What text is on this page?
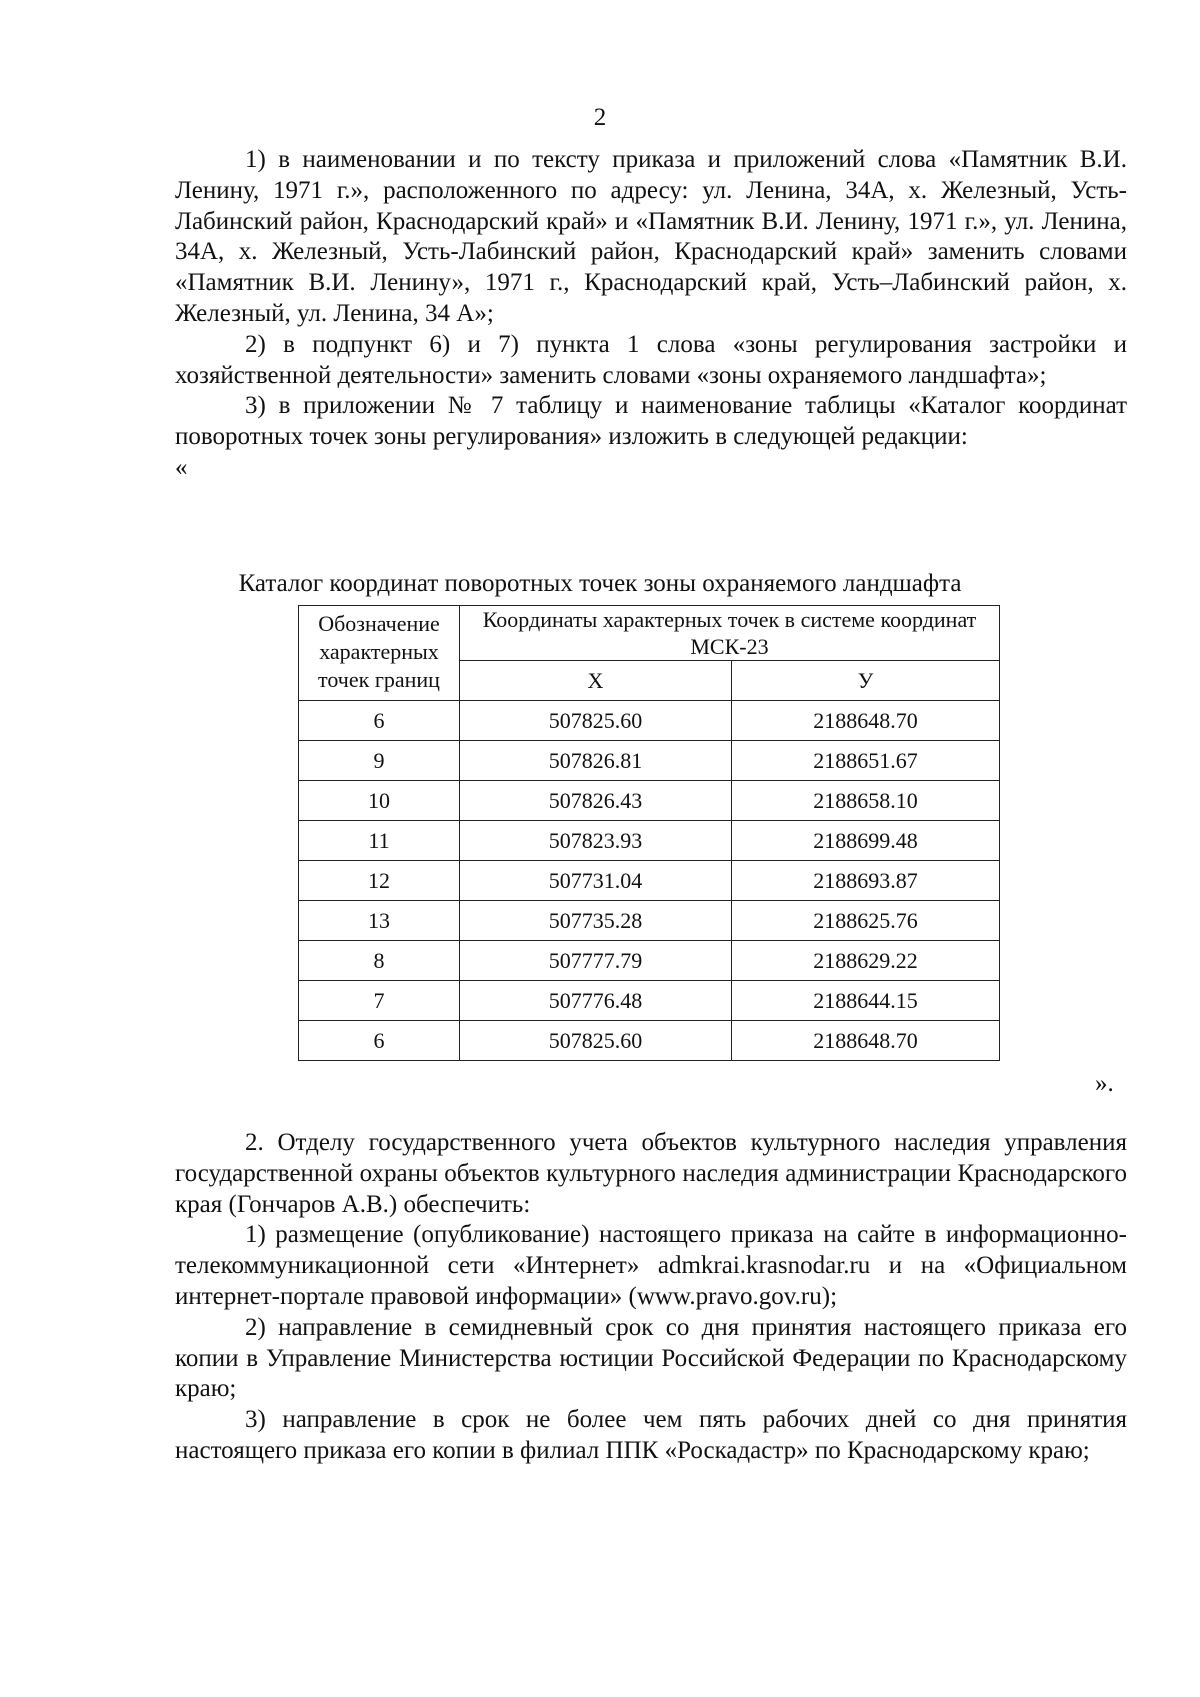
2

1) в наименовании и по тексту приказа и приложений слова «Памятник В.И. Ленину, 1971 г.», расположенного по адресу: ул. Ленина, 34А, х. Железный, Усть-Лабинский район, Краснодарский край» и «Памятник В.И. Ленину, 1971 г.», ул. Ленина, 34А, х. Железный, Усть-Лабинский район, Краснодарский край» заменить словами «Памятник В.И. Ленину», 1971 г., Краснодарский край, Усть–Лабинский район, х. Железный, ул. Ленина, 34 А»;

2) в подпункт 6) и 7) пункта 1 слова «зоны регулирования застройки и хозяйственной деятельности» заменить словами «зоны охраняемого ландшафта»;

3) в приложении № 7 таблицу и наименование таблицы «Каталог координат поворотных точек зоны регулирования» изложить в следующей редакции:

«

Каталог координат поворотных точек зоны охраняемого ландшафта
Обозначение характерных точек границ	Координаты характерных точек в системе координат МСК-23	
	X	У
6	507825.60	2188648.70
9	507826.81	2188651.67
10	507826.43	2188658.10
11	507823.93	2188699.48
12	507731.04	2188693.87
13	507735.28	2188625.76
8	507777.79	2188629.22
7	507776.48	2188644.15
6	507825.60	2188648.70
».

2. Отделу государственного учета объектов культурного наследия управления государственной охраны объектов культурного наследия администрации Краснодарского края (Гончаров А.В.) обеспечить:

1) размещение (опубликование) настоящего приказа на сайте в информационно-телекоммуникационной сети «Интернет» admkrai.krasnodar.ru и на «Официальном интернет-портале правовой информации» (www.pravo.gov.ru);

2) направление в семидневный срок со дня принятия настоящего приказа его копии в Управление Министерства юстиции Российской Федерации по Краснодарскому краю;

3) направление в срок не более чем пять рабочих дней со дня принятия настоящего приказа его копии в филиал ППК «Роскадастр» по Краснодарскому краю;
